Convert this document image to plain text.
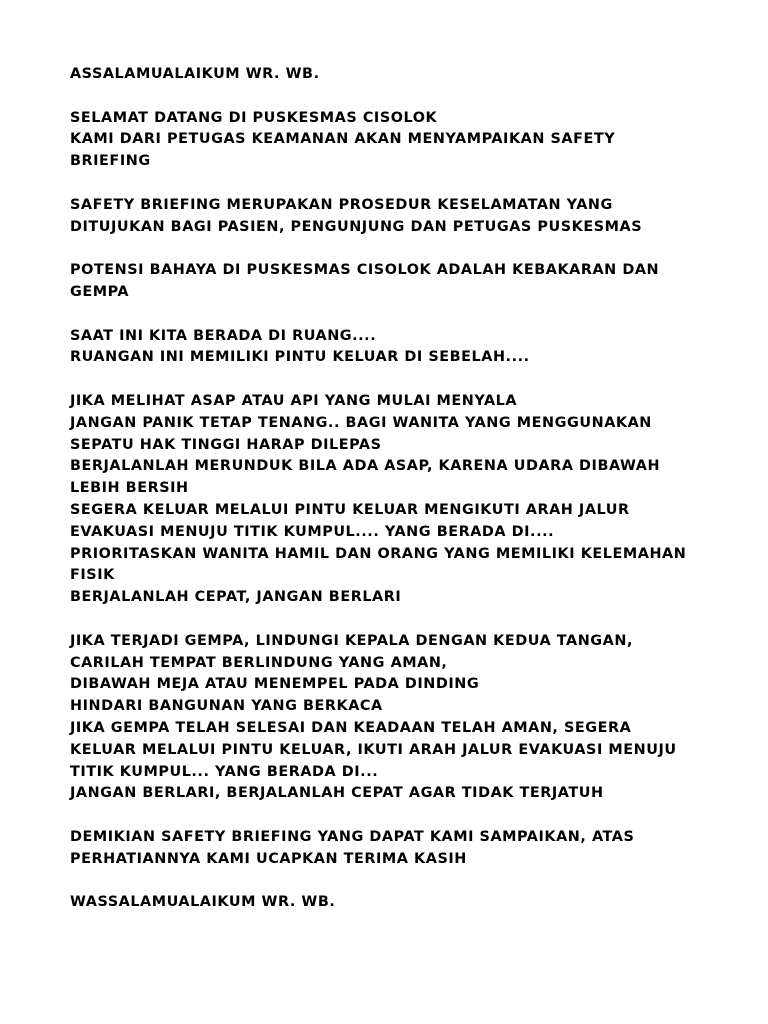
ASSALAMUALAIKUM WR. WB.
SELAMAT DATANG DI PUSKESMAS CISOLOK
KAMI DARI PETUGAS KEAMANAN AKAN MENYAMPAIKAN SAFETY
BRIEFING
SAFETY BRIEFING MERUPAKAN PROSEDUR KESELAMATAN YANG
DITUJUKAN BAGI PASIEN, PENGUNJUNG DAN PETUGAS PUSKESMAS
POTENSI BAHAYA DI PUSKESMAS CISOLOK ADALAH KEBAKARAN DAN
GEMPA
SAAT INI KITA BERADA DI RUANG....
RUANGAN INI MEMILIKI PINTU KELUAR DI SEBELAH....
JIKA MELIHAT ASAP ATAU API YANG MULAI MENYALA
JANGAN PANIK TETAP TENANG.. BAGI WANITA YANG MENGGUNAKAN
SEPATU HAK TINGGI HARAP DILEPAS
BERJALANLAH MERUNDUK BILA ADA ASAP, KARENA UDARA DIBAWAH
LEBIH BERSIH
SEGERA KELUAR MELALUI PINTU KELUAR MENGIKUTI ARAH JALUR
EVAKUASI MENUJU TITIK KUMPUL.... YANG BERADA DI....
PRIORITASKAN WANITA HAMIL DAN ORANG YANG MEMILIKI KELEMAHAN
FISIK
BERJALANLAH CEPAT, JANGAN BERLARI
JIKA TERJADI GEMPA, LINDUNGI KEPALA DENGAN KEDUA TANGAN,
CARILAH TEMPAT BERLINDUNG YANG AMAN,
DIBAWAH MEJA ATAU MENEMPEL PADA DINDING
HINDARI BANGUNAN YANG BERKACA
JIKA GEMPA TELAH SELESAI DAN KEADAAN TELAH AMAN, SEGERA
KELUAR MELALUI PINTU KELUAR, IKUTI ARAH JALUR EVAKUASI MENUJU
TITIK KUMPUL... YANG BERADA DI...
JANGAN BERLARI, BERJALANLAH CEPAT AGAR TIDAK TERJATUH
DEMIKIAN SAFETY BRIEFING YANG DAPAT KAMI SAMPAIKAN, ATAS
PERHATIANNYA KAMI UCAPKAN TERIMA KASIH
WASSALAMUALAIKUM WR. WB.
